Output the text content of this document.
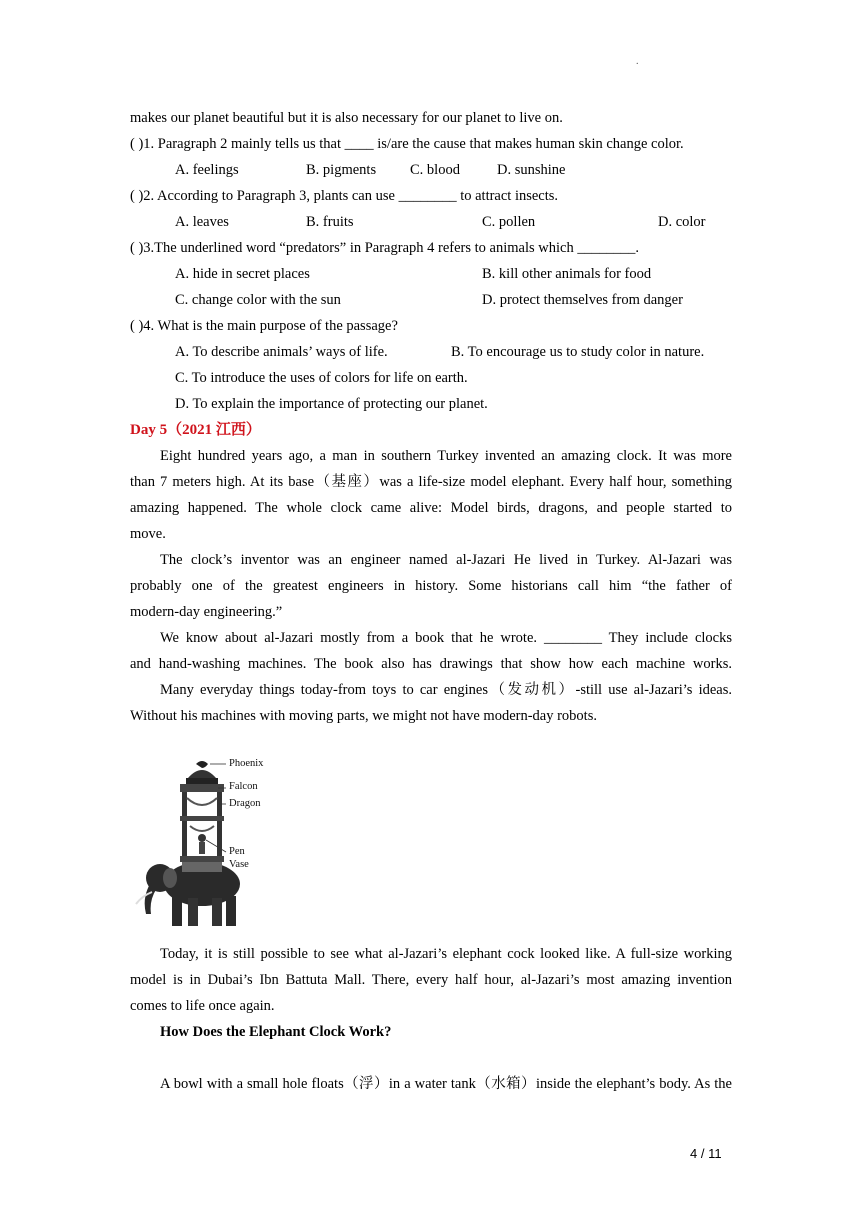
.
makes our planet beautiful but it is also necessary for our planet to live on.
( )1. Paragraph 2 mainly tells us that ____ is/are the cause that makes human skin change color.
A. feelings	B. pigments C. blood	D. sunshine
( )2. According to Paragraph 3, plants can use ________ to attract insects.
A. leaves	B. fruits	C. pollen	D. color
( )3.The underlined word “predators” in Paragraph 4 refers to animals which ________.
A. hide in secret places	B. kill other animals for food
C. change color with the sun	D. protect themselves from danger
( )4. What is the main purpose of the passage?
A. To describe animals’ ways of life.	B. To encourage us to study color in nature.
C. To introduce the uses of colors for life on earth.
D. To explain the importance of protecting our planet.
Day 5（2021 江西）
Eight hundred years ago, a man in southern Turkey invented an amazing clock. It was more
than 7 meters high. At its base（基座）was a life-size model elephant. Every half hour, something
amazing happened. The whole clock came alive: Model birds, dragons, and people started to
move.
The clock’s inventor was an engineer named al-Jazari He lived in Turkey. Al-Jazari was
probably one of the greatest engineers in history. Some historians call him “the father of
modern-day engineering.”
We know about al-Jazari mostly from a book that he wrote. ________ They include clocks
and hand-washing machines. The book also has drawings that show how each machine works.
Many everyday things today-from toys to car engines（发动机）-still use al-Jazari’s ideas.
Without his machines with moving parts, we might not have modern-day robots.
Phoenix
Falcon
Dragon
Pen
Vase
Today, it is still possible to see what al-Jazari’s elephant cock looked like. A full-size working
model is in Dubai’s Ibn Battuta Mall. There, every half hour, al-Jazari’s most amazing invention
comes to life once again.
How Does the Elephant Clock Work?
A bowl with a small hole floats（浮）in a water tank（水箱）inside the elephant’s body. As the
4 / 11
